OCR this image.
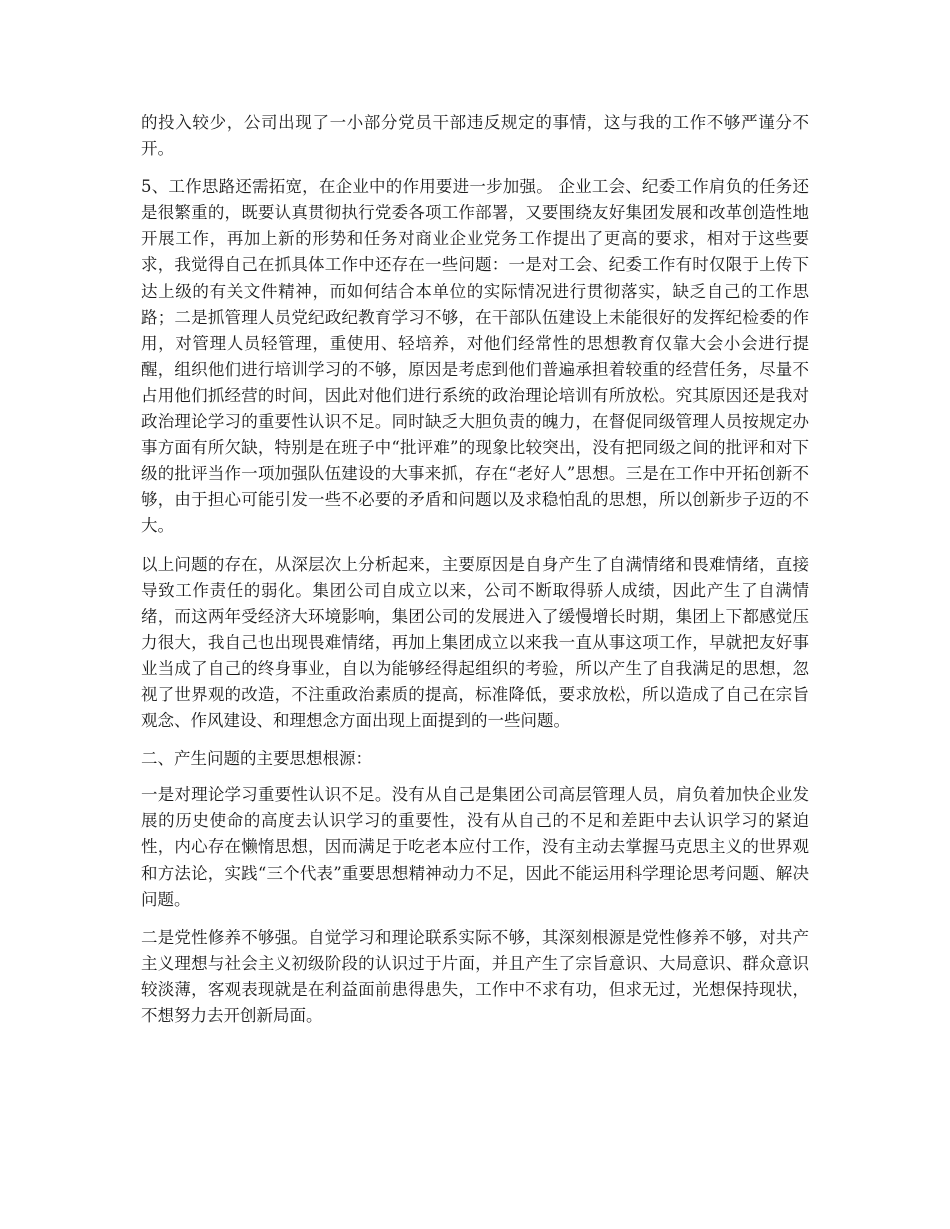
的投入较少，公司出现了一小部分党员干部违反规定的事情，这与我的工作不够严谨分不开。

5、工作思路还需拓宽，在企业中的作用要进一步加强。 企业工会、纪委工作肩负的任务还是很繁重的，既要认真贯彻执行党委各项工作部署，又要围绕友好集团发展和改革创造性地开展工作，再加上新的形势和任务对商业企业党务工作提出了更高的要求，相对于这些要求，我觉得自己在抓具体工作中还存在一些问题：一是对工会、纪委工作有时仅限于上传下达上级的有关文件精神，而如何结合本单位的实际情况进行贯彻落实，缺乏自己的工作思路；二是抓管理人员党纪政纪教育学习不够，在干部队伍建设上未能很好的发挥纪检委的作用，对管理人员轻管理，重使用、轻培养，对他们经常性的思想教育仅靠大会小会进行提醒，组织他们进行培训学习的不够，原因是考虑到他们普遍承担着较重的经营任务，尽量不占用他们抓经营的时间，因此对他们进行系统的政治理论培训有所放松。究其原因还是我对政治理论学习的重要性认识不足。同时缺乏大胆负责的魄力，在督促同级管理人员按规定办事方面有所欠缺，特别是在班子中“批评难”的现象比较突出，没有把同级之间的批评和对下级的批评当作一项加强队伍建设的大事来抓，存在“老好人”思想。三是在工作中开拓创新不够，由于担心可能引发一些不必要的矛盾和问题以及求稳怕乱的思想，所以创新步子迈的不大。

以上问题的存在，从深层次上分析起来，主要原因是自身产生了自满情绪和畏难情绪，直接导致工作责任的弱化。集团公司自成立以来，公司不断取得骄人成绩，因此产生了自满情绪，而这两年受经济大环境影响，集团公司的发展进入了缓慢增长时期，集团上下都感觉压力很大，我自己也出现畏难情绪，再加上集团成立以来我一直从事这项工作，早就把友好事业当成了自己的终身事业，自以为能够经得起组织的考验，所以产生了自我满足的思想，忽视了世界观的改造，不注重政治素质的提高，标准降低，要求放松，所以造成了自己在宗旨观念、作风建设、和理想念方面出现上面提到的一些问题。

二、产生问题的主要思想根源：

一是对理论学习重要性认识不足。没有从自己是集团公司高层管理人员，肩负着加快企业发展的历史使命的高度去认识学习的重要性，没有从自己的不足和差距中去认识学习的紧迫性，内心存在懒惰思想，因而满足于吃老本应付工作，没有主动去掌握马克思主义的世界观和方法论，实践“三个代表”重要思想精神动力不足，因此不能运用科学理论思考问题、解决问题。

二是党性修养不够强。自觉学习和理论联系实际不够，其深刻根源是党性修养不够，对共产主义理想与社会主义初级阶段的认识过于片面，并且产生了宗旨意识、大局意识、群众意识较淡薄，客观表现就是在利益面前患得患失，工作中不求有功，但求无过，光想保持现状，不想努力去开创新局面。
